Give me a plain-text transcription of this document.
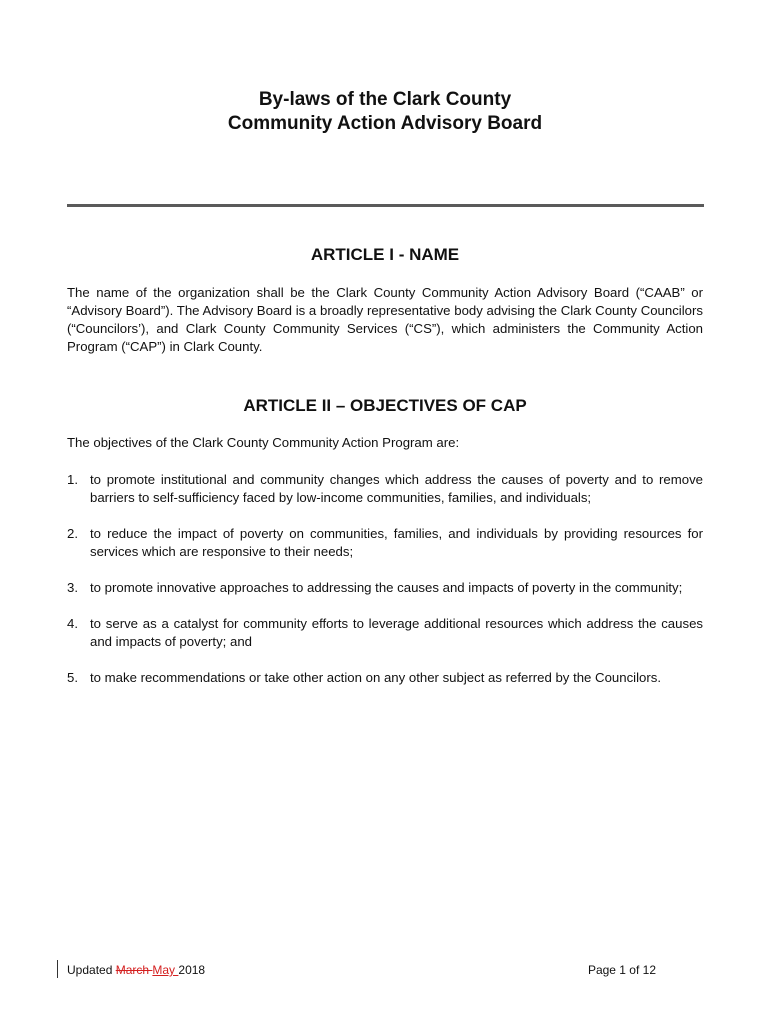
By-laws of the Clark County
Community Action Advisory Board
ARTICLE I - NAME
The name of the organization shall be the Clark County Community Action Advisory Board (“CAAB” or “Advisory Board”). The Advisory Board is a broadly representative body advising the Clark County Councilors (“Councilors’), and Clark County Community Services (“CS”), which administers the Community Action Program (“CAP”) in Clark County.
ARTICLE II – OBJECTIVES OF CAP
The objectives of the Clark County Community Action Program are:
1. to promote institutional and community changes which address the causes of poverty and to remove barriers to self-sufficiency faced by low-income communities, families, and individuals;
2. to reduce the impact of poverty on communities, families, and individuals by providing resources for services which are responsive to their needs;
3. to promote innovative approaches to addressing the causes and impacts of poverty in the community;
4. to serve as a catalyst for community efforts to leverage additional resources which address the causes and impacts of poverty; and
5. to make recommendations or take other action on any other subject as referred by the Councilors.
Updated March May 2018	Page 1 of 12
